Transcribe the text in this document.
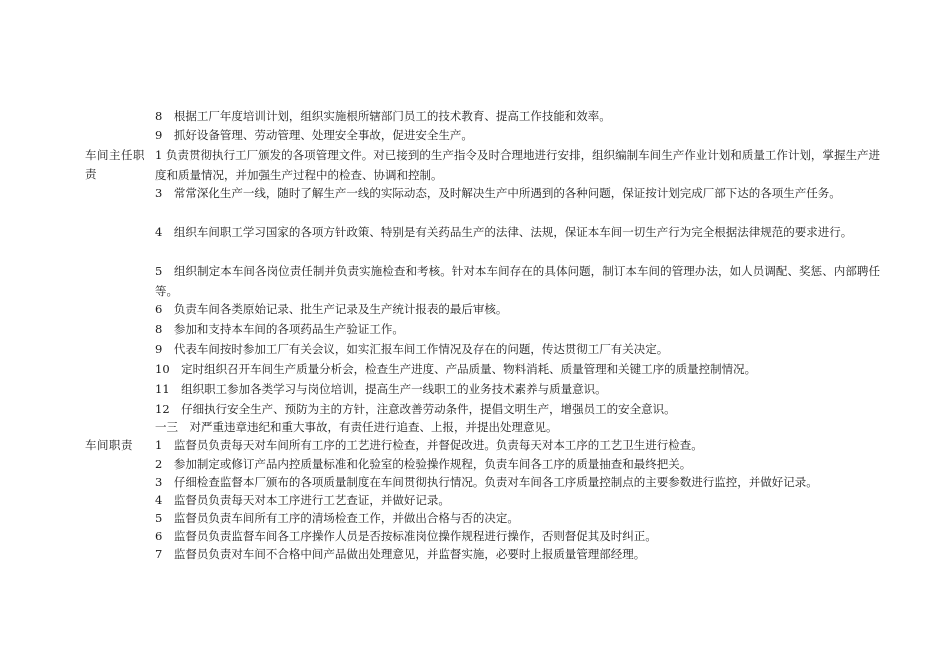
8　根据工厂年度培训计划，组织实施根所辖部门员工的技术教育、提高工作技能和效率。
9　抓好设备管理、劳动管理、处理安全事故，促进安全生产。
车间主任职责
1 负责贯彻执行工厂颁发的各项管理文件。对已接到的生产指令及时合理地进行安排，组织编制车间生产作业计划和质量工作计划，掌握生产进度和质量情况，并加强生产过程中的检查、协调和控制。
3　常常深化生产一线，随时了解生产一线的实际动态，及时解决生产中所遇到的各种问题，保证按计划完成厂部下达的各项生产任务。
4　组织车间职工学习国家的各项方针政策、特别是有关药品生产的法律、法规，保证本车间一切生产行为完全根据法律规范的要求进行。
5　组织制定本车间各岗位责任制并负责实施检查和考核。针对本车间存在的具体问题，制订本车间的管理办法，如人员调配、奖惩、内部聘任等。
6　负责车间各类原始记录、批生产记录及生产统计报表的最后审核。
8　参加和支持本车间的各项药品生产验证工作。
9　代表车间按时参加工厂有关会议，如实汇报车间工作情况及存在的问题，传达贯彻工厂有关决定。
10　定时组织召开车间生产质量分析会，检查生产进度、产品质量、物料消耗、质量管理和关键工序的质量控制情况。
11　组织职工参加各类学习与岗位培训，提高生产一线职工的业务技术素养与质量意识。
12　仔细执行安全生产、预防为主的方针，注意改善劳动条件，提倡文明生产，增强员工的安全意识。
一三　对严重违章违纪和重大事故，有责任进行追查、上报，并提出处理意见。
车间职责	1　监督员负责每天对车间所有工序的工艺进行检查，并督促改进。负责每天对本工序的工艺卫生进行检查。
2　参加制定或修订产品内控质量标准和化验室的检验操作规程，负责车间各工序的质量抽查和最终把关。
3　仔细检查监督本厂颁布的各项质量制度在车间贯彻执行情况。负责对车间各工序质量控制点的主要参数进行监控，并做好记录。
4　监督员负责每天对本工序进行工艺查证，并做好记录。
5　监督员负责车间所有工序的清场检查工作，并做出合格与否的决定。
6　监督员负责监督车间各工序操作人员是否按标准岗位操作规程进行操作，否则督促其及时纠正。
7　监督员负责对车间不合格中间产品做出处理意见，并监督实施，必要时上报质量管理部经理。
